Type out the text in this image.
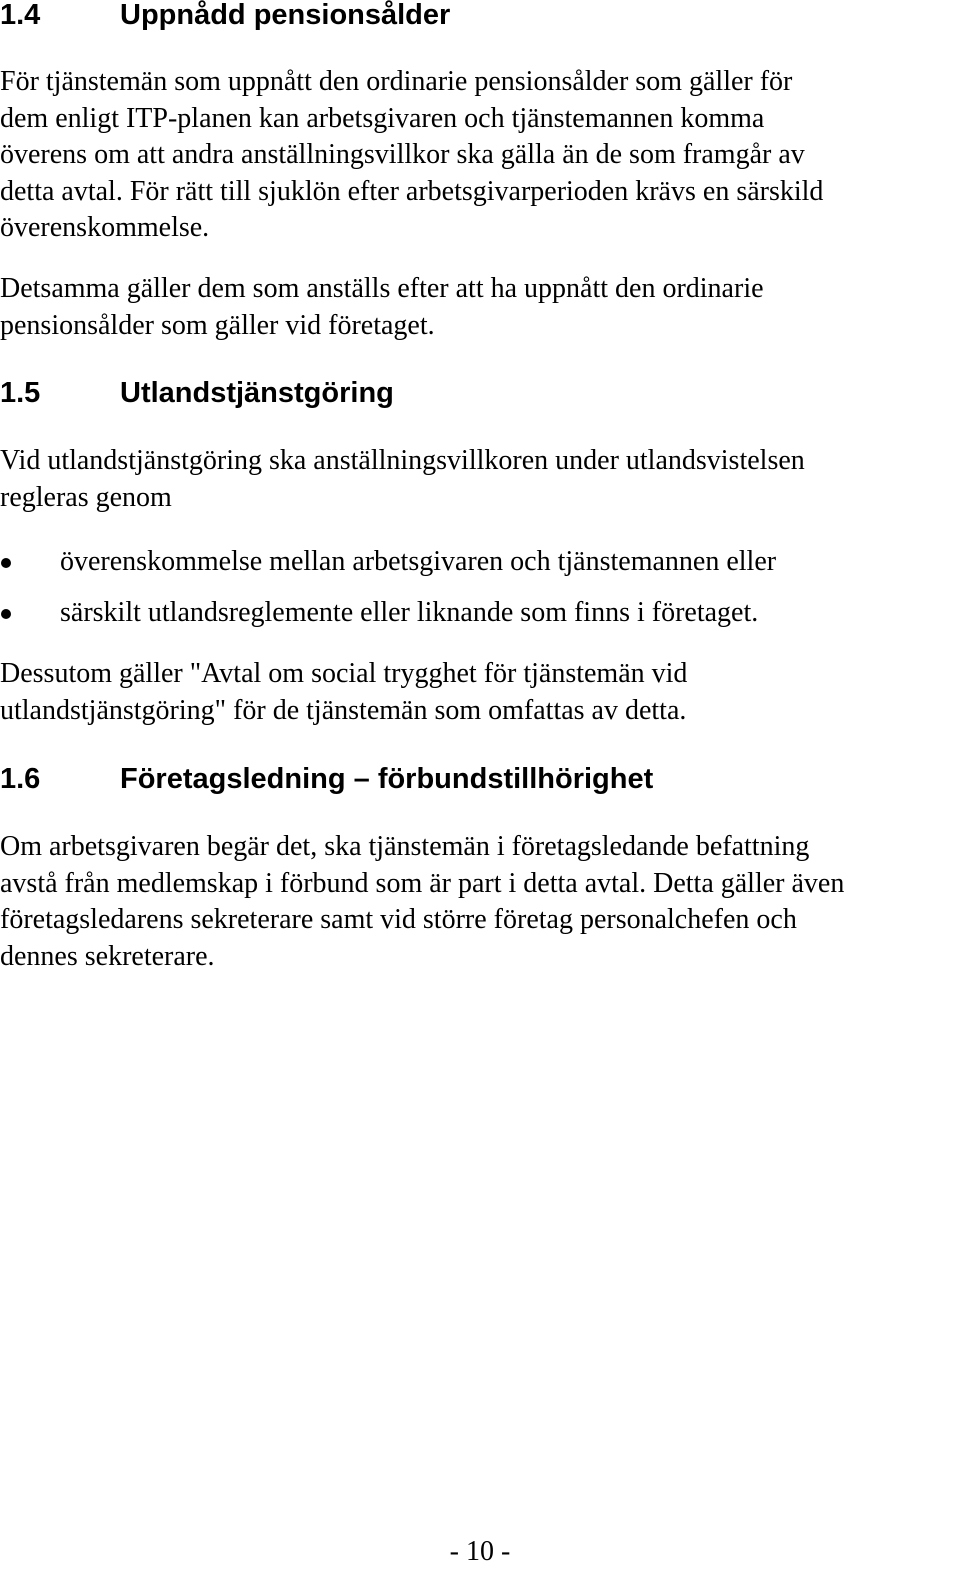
1.4	Uppnådd pensionsålder

För tjänstemän som uppnått den ordinarie pensionsålder som gäller för
dem enligt ITP-planen kan arbetsgivaren och tjänstemannen komma
överens om att andra anställningsvillkor ska gälla än de som framgår av
detta avtal. För rätt till sjuklön efter arbetsgivarperioden krävs en särskild
överenskommelse.

Detsamma gäller dem som anställs efter att ha uppnått den ordinarie
pensionsålder som gäller vid företaget.

1.5	Utlandstjänstgöring

Vid utlandstjänstgöring ska anställningsvillkoren under utlandsvistelsen
regleras genom

överenskommelse mellan arbetsgivaren och tjänstemannen eller
särskilt utlandsreglemente eller liknande som finns i företaget.

Dessutom gäller "Avtal om social trygghet för tjänstemän vid
utlandstjänstgöring" för de tjänstemän som omfattas av detta.

1.6	Företagsledning – förbundstillhörighet

Om arbetsgivaren begär det, ska tjänstemän i företagsledande befattning
avstå från medlemskap i förbund som är part i detta avtal. Detta gäller även
företagsledarens sekreterare samt vid större företag personalchefen och
dennes sekreterare.

- 10 -
